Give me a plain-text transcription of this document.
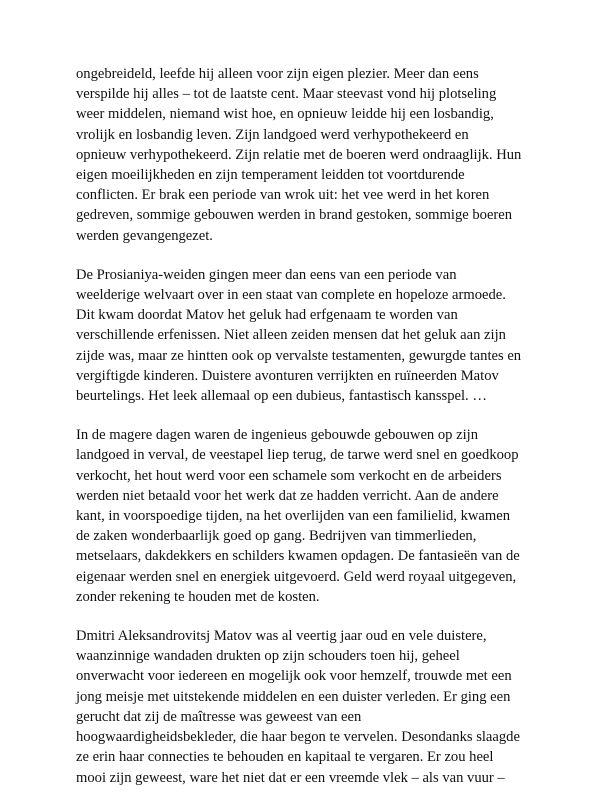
ongebreideld, leefde hij alleen voor zijn eigen plezier. Meer dan eens
verspilde hij alles – tot de laatste cent. Maar steevast vond hij plotseling
weer middelen, niemand wist hoe, en opnieuw leidde hij een losbandig,
vrolijk en losbandig leven. Zijn landgoed werd verhypothekeerd en
opnieuw verhypothekeerd. Zijn relatie met de boeren werd ondraaglijk. Hun
eigen moeilijkheden en zijn temperament leidden tot voortdurende
conflicten. Er brak een periode van wrok uit: het vee werd in het koren
gedreven, sommige gebouwen werden in brand gestoken, sommige boeren
werden gevangengezet.

De Prosianiya-weiden gingen meer dan eens van een periode van
weelderige welvaart over in een staat van complete en hopeloze armoede.
Dit kwam doordat Matov het geluk had erfgenaam te worden van
verschillende erfenissen. Niet alleen zeiden mensen dat het geluk aan zijn
zijde was, maar ze hintten ook op vervalste testamenten, gewurgde tantes en
vergiftigde kinderen. Duistere avonturen verrijkten en ruïneerden Matov
beurtelings. Het leek allemaal op een dubieus, fantastisch kansspel. …

In de magere dagen waren de ingenieus gebouwde gebouwen op zijn
landgoed in verval, de veestapel liep terug, de tarwe werd snel en goedkoop
verkocht, het hout werd voor een schamele som verkocht en de arbeiders
werden niet betaald voor het werk dat ze hadden verricht. Aan de andere
kant, in voorspoedige tijden, na het overlijden van een familielid, kwamen
de zaken wonderbaarlijk goed op gang. Bedrijven van timmerlieden,
metselaars, dakdekkers en schilders kwamen opdagen. De fantasieën van de
eigenaar werden snel en energiek uitgevoerd. Geld werd royaal uitgegeven,
zonder rekening te houden met de kosten.

Dmitri Aleksandrovitsj Matov was al veertig jaar oud en vele duistere,
waanzinnige wandaden drukten op zijn schouders toen hij, geheel
onverwacht voor iedereen en mogelijk ook voor hemzelf, trouwde met een
jong meisje met uitstekende middelen en een duister verleden. Er ging een
gerucht dat zij de maîtresse was geweest van een
hoogwaardigheidsbekleder, die haar begon te vervelen. Desondanks slaagde
ze erin haar connecties te behouden en kapitaal te vergaren. Er zou heel
mooi zijn geweest, ware het niet dat er een vreemde vlek – als van vuur –
